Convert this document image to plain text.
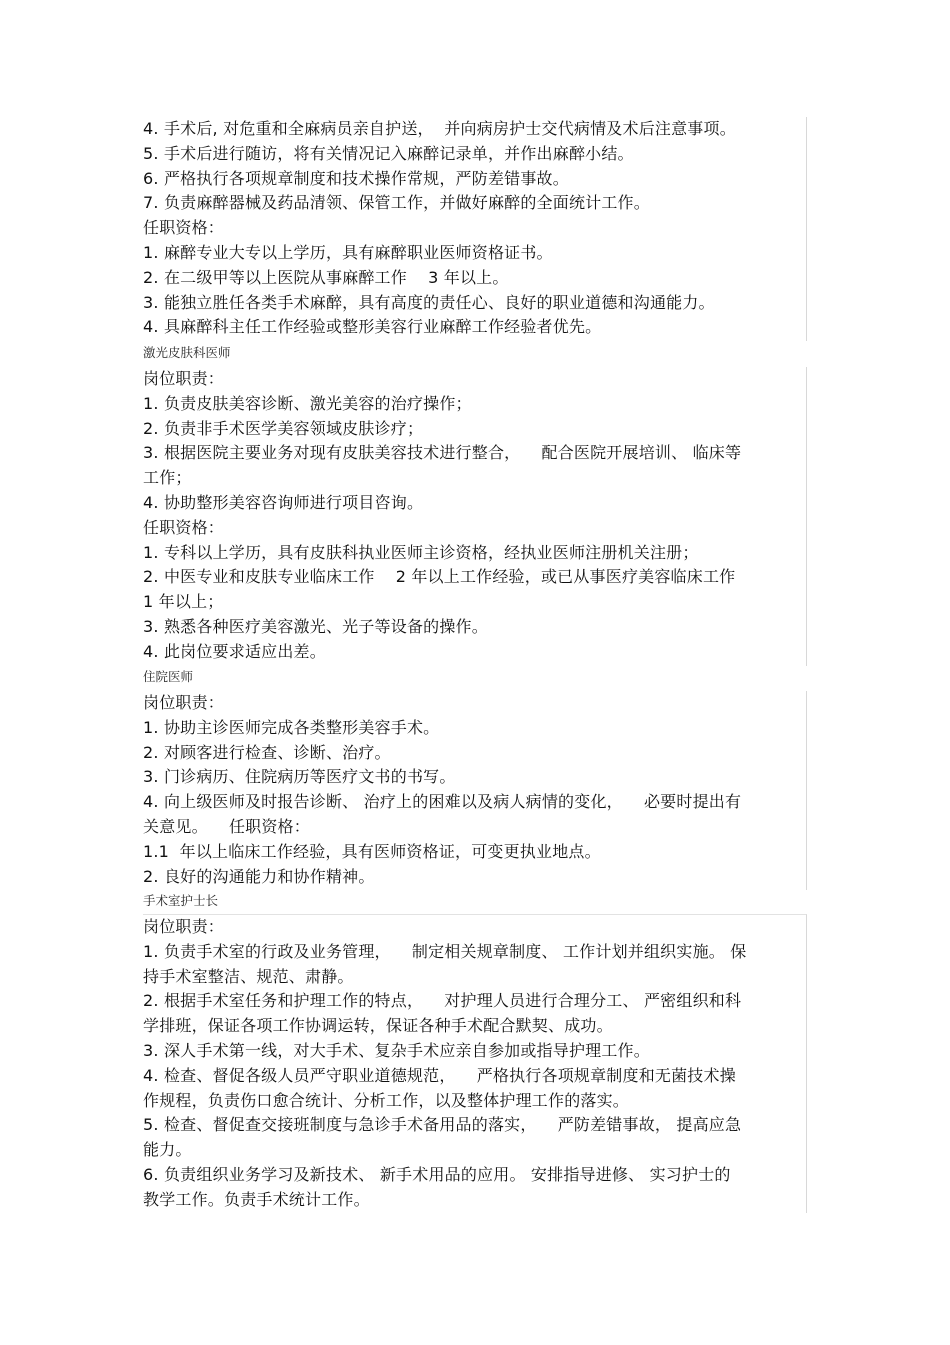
4. 手术后, 对危重和全麻病员亲自护送，  并向病房护士交代病情及术后注意事项。
5. 手术后进行随访，将有关情况记入麻醉记录单，并作出麻醉小结。
6. 严格执行各项规章制度和技术操作常规，严防差错事故。
7. 负责麻醉器械及药品清领、保管工作，并做好麻醉的全面统计工作。
任职资格：
1. 麻醉专业大专以上学历，具有麻醉职业医师资格证书。
2. 在二级甲等以上医院从事麻醉工作    3 年以上。
3. 能独立胜任各类手术麻醉，具有高度的责任心、良好的职业道德和沟通能力。
4. 具麻醉科主任工作经验或整形美容行业麻醉工作经验者优先。
激光皮肤科医师
岗位职责：
1. 负责皮肤美容诊断、激光美容的治疗操作；
2. 负责非手术医学美容领域皮肤诊疗；
3. 根据医院主要业务对现有皮肤美容技术进行整合，    配合医院开展培训、 临床等
工作；
4. 协助整形美容咨询师进行项目咨询。
任职资格：
1. 专科以上学历，具有皮肤科执业医师主诊资格，经执业医师注册机关注册；
2. 中医专业和皮肤专业临床工作    2 年以上工作经验，或已从事医疗美容临床工作
1 年以上；
3. 熟悉各种医疗美容激光、光子等设备的操作。
4. 此岗位要求适应出差。
住院医师
岗位职责：
1. 协助主诊医师完成各类整形美容手术。
2. 对顾客进行检查、诊断、治疗。
3. 门诊病历、住院病历等医疗文书的书写。
4. 向上级医师及时报告诊断、 治疗上的困难以及病人病情的变化，    必要时提出有
关意见。    任职资格：
1.1  年以上临床工作经验，具有医师资格证，可变更执业地点。
2. 良好的沟通能力和协作精神。
手术室护士长
岗位职责：
1. 负责手术室的行政及业务管理，    制定相关规章制度、 工作计划并组织实施。 保
持手术室整洁、规范、肃静。
2. 根据手术室任务和护理工作的特点，    对护理人员进行合理分工、 严密组织和科
学排班，保证各项工作协调运转，保证各种手术配合默契、成功。
3. 深人手术第一线，对大手术、复杂手术应亲自参加或指导护理工作。
4. 检查、督促各级人员严守职业道德规范，    严格执行各项规章制度和无菌技术操
作规程，负责伤口愈合统计、分析工作，以及整体护理工作的落实。
5. 检查、督促查交接班制度与急诊手术备用品的落实，    严防差错事故， 提高应急
能力。
6. 负责组织业务学习及新技术、 新手术用品的应用。 安排指导进修、 实习护士的
教学工作。负责手术统计工作。
